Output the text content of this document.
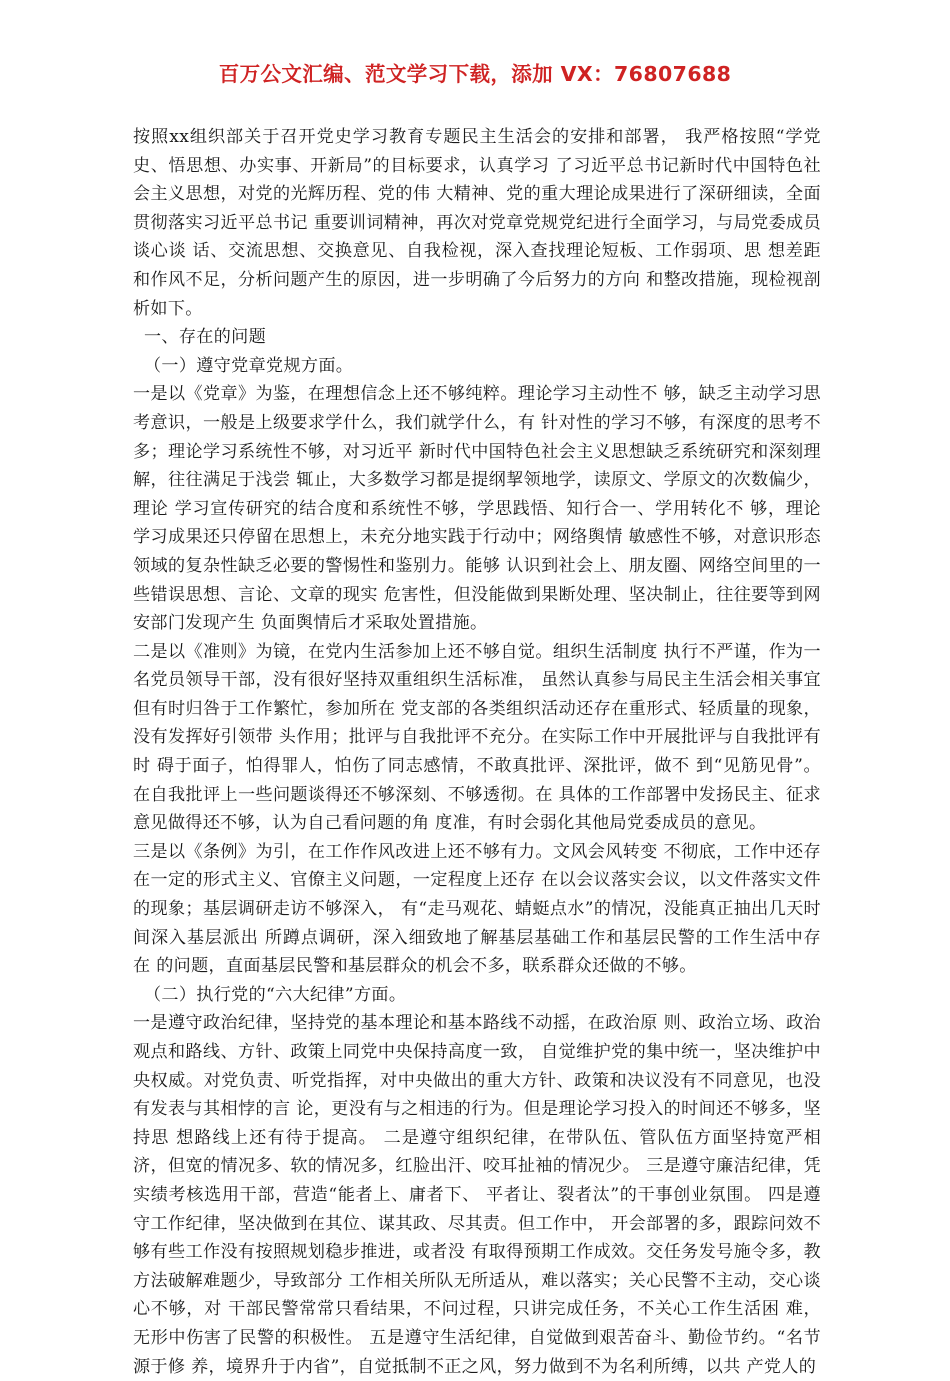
百万公文汇编、范文学习下载，添加 VX：76807688

按照xx组织部关于召开党史学习教育专题民主生活会的安排和部署， 我严格按照“学党史、悟思想、办实事、开新局”的目标要求，认真学习 了习近平总书记新时代中国特色社会主义思想，对党的光辉历程、党的伟 大精神、党的重大理论成果进行了深研细读，全面贯彻落实习近平总书记 重要训词精神，再次对党章党规党纪进行全面学习，与局党委成员谈心谈 话、交流思想、交换意见、自我检视，深入查找理论短板、工作弱项、思 想差距和作风不足，分析问题产生的原因，进一步明确了今后努力的方向 和整改措施，现检视剖析如下。

一、存在的问题

（一）遵守党章党规方面。

一是以《党章》为鉴，在理想信念上还不够纯粹。理论学习主动性不 够，缺乏主动学习思考意识，一般是上级要求学什么，我们就学什么，有 针对性的学习不够，有深度的思考不多；理论学习系统性不够，对习近平 新时代中国特色社会主义思想缺乏系统研究和深刻理解，往往满足于浅尝 辄止，大多数学习都是提纲挈领地学，读原文、学原文的次数偏少，理论 学习宣传研究的结合度和系统性不够，学思践悟、知行合一、学用转化不 够，理论学习成果还只停留在思想上，未充分地实践于行动中；网络舆情 敏感性不够，对意识形态领域的复杂性缺乏必要的警惕性和鉴别力。能够 认识到社会上、朋友圈、网络空间里的一些错误思想、言论、文章的现实 危害性，但没能做到果断处理、坚决制止，往往要等到网安部门发现产生 负面舆情后才采取处置措施。

二是以《准则》为镜，在党内生活参加上还不够自觉。组织生活制度 执行不严谨，作为一名党员领导干部，没有很好坚持双重组织生活标准， 虽然认真参与局民主生活会相关事宜但有时归咎于工作繁忙，参加所在 党支部的各类组织活动还存在重形式、轻质量的现象，没有发挥好引领带 头作用；批评与自我批评不充分。在实际工作中开展批评与自我批评有时 碍于面子，怕得罪人，怕伤了同志感情，不敢真批评、深批评，做不 到“见筋见骨”。在自我批评上一些问题谈得还不够深刻、不够透彻。在 具体的工作部署中发扬民主、征求意见做得还不够，认为自己看问题的角 度准，有时会弱化其他局党委成员的意见。

三是以《条例》为引，在工作作风改进上还不够有力。文风会风转变 不彻底，工作中还存在一定的形式主义、官僚主义问题，一定程度上还存 在以会议落实会议，以文件落实文件的现象；基层调研走访不够深入， 有“走马观花、蜻蜓点水”的情况，没能真正抽出几天时间深入基层派出 所蹲点调研，深入细致地了解基层基础工作和基层民警的工作生活中存 在 的问题，直面基层民警和基层群众的机会不多，联系群众还做的不够。

（二）执行党的“六大纪律”方面。

一是遵守政治纪律，坚持党的基本理论和基本路线不动摇，在政治原 则、政治立场、政治观点和路线、方针、政策上同党中央保持高度一致， 自觉维护党的集中统一，坚决维护中央权威。对党负责、听党指挥，对中央做出的重大方针、政策和决议没有不同意见，也没有发表与其相悖的言 论，更没有与之相违的行为。但是理论学习投入的时间还不够多，坚持思 想路线上还有待于提高。 二是遵守组织纪律，在带队伍、管队伍方面坚持宽严相济，但宽的情况多、软的情况多，红脸出汗、咬耳扯袖的情况少。 三是遵守廉洁纪律，凭实绩考核选用干部，营造“能者上、庸者下、 平者让、裂者汰”的干事创业氛围。 四是遵守工作纪律，坚决做到在其位、谋其政、尽其责。但工作中， 开会部署的多，跟踪问效不够有些工作没有按照规划稳步推进，或者没 有取得预期工作成效。交任务发号施令多，教方法破解难题少，导致部分 工作相关所队无所适从，难以落实；关心民警不主动，交心谈心不够，对 干部民警常常只看结果，不问过程，只讲完成任务，不关心工作生活困 难，无形中伤害了民警的积极性。 五是遵守生活纪律，自觉做到艰苦奋斗、勤俭节约。“名节源于修 养，境界升于内省”，自觉抵制不正之风，努力做到不为名利所缚，以共 产党人的
